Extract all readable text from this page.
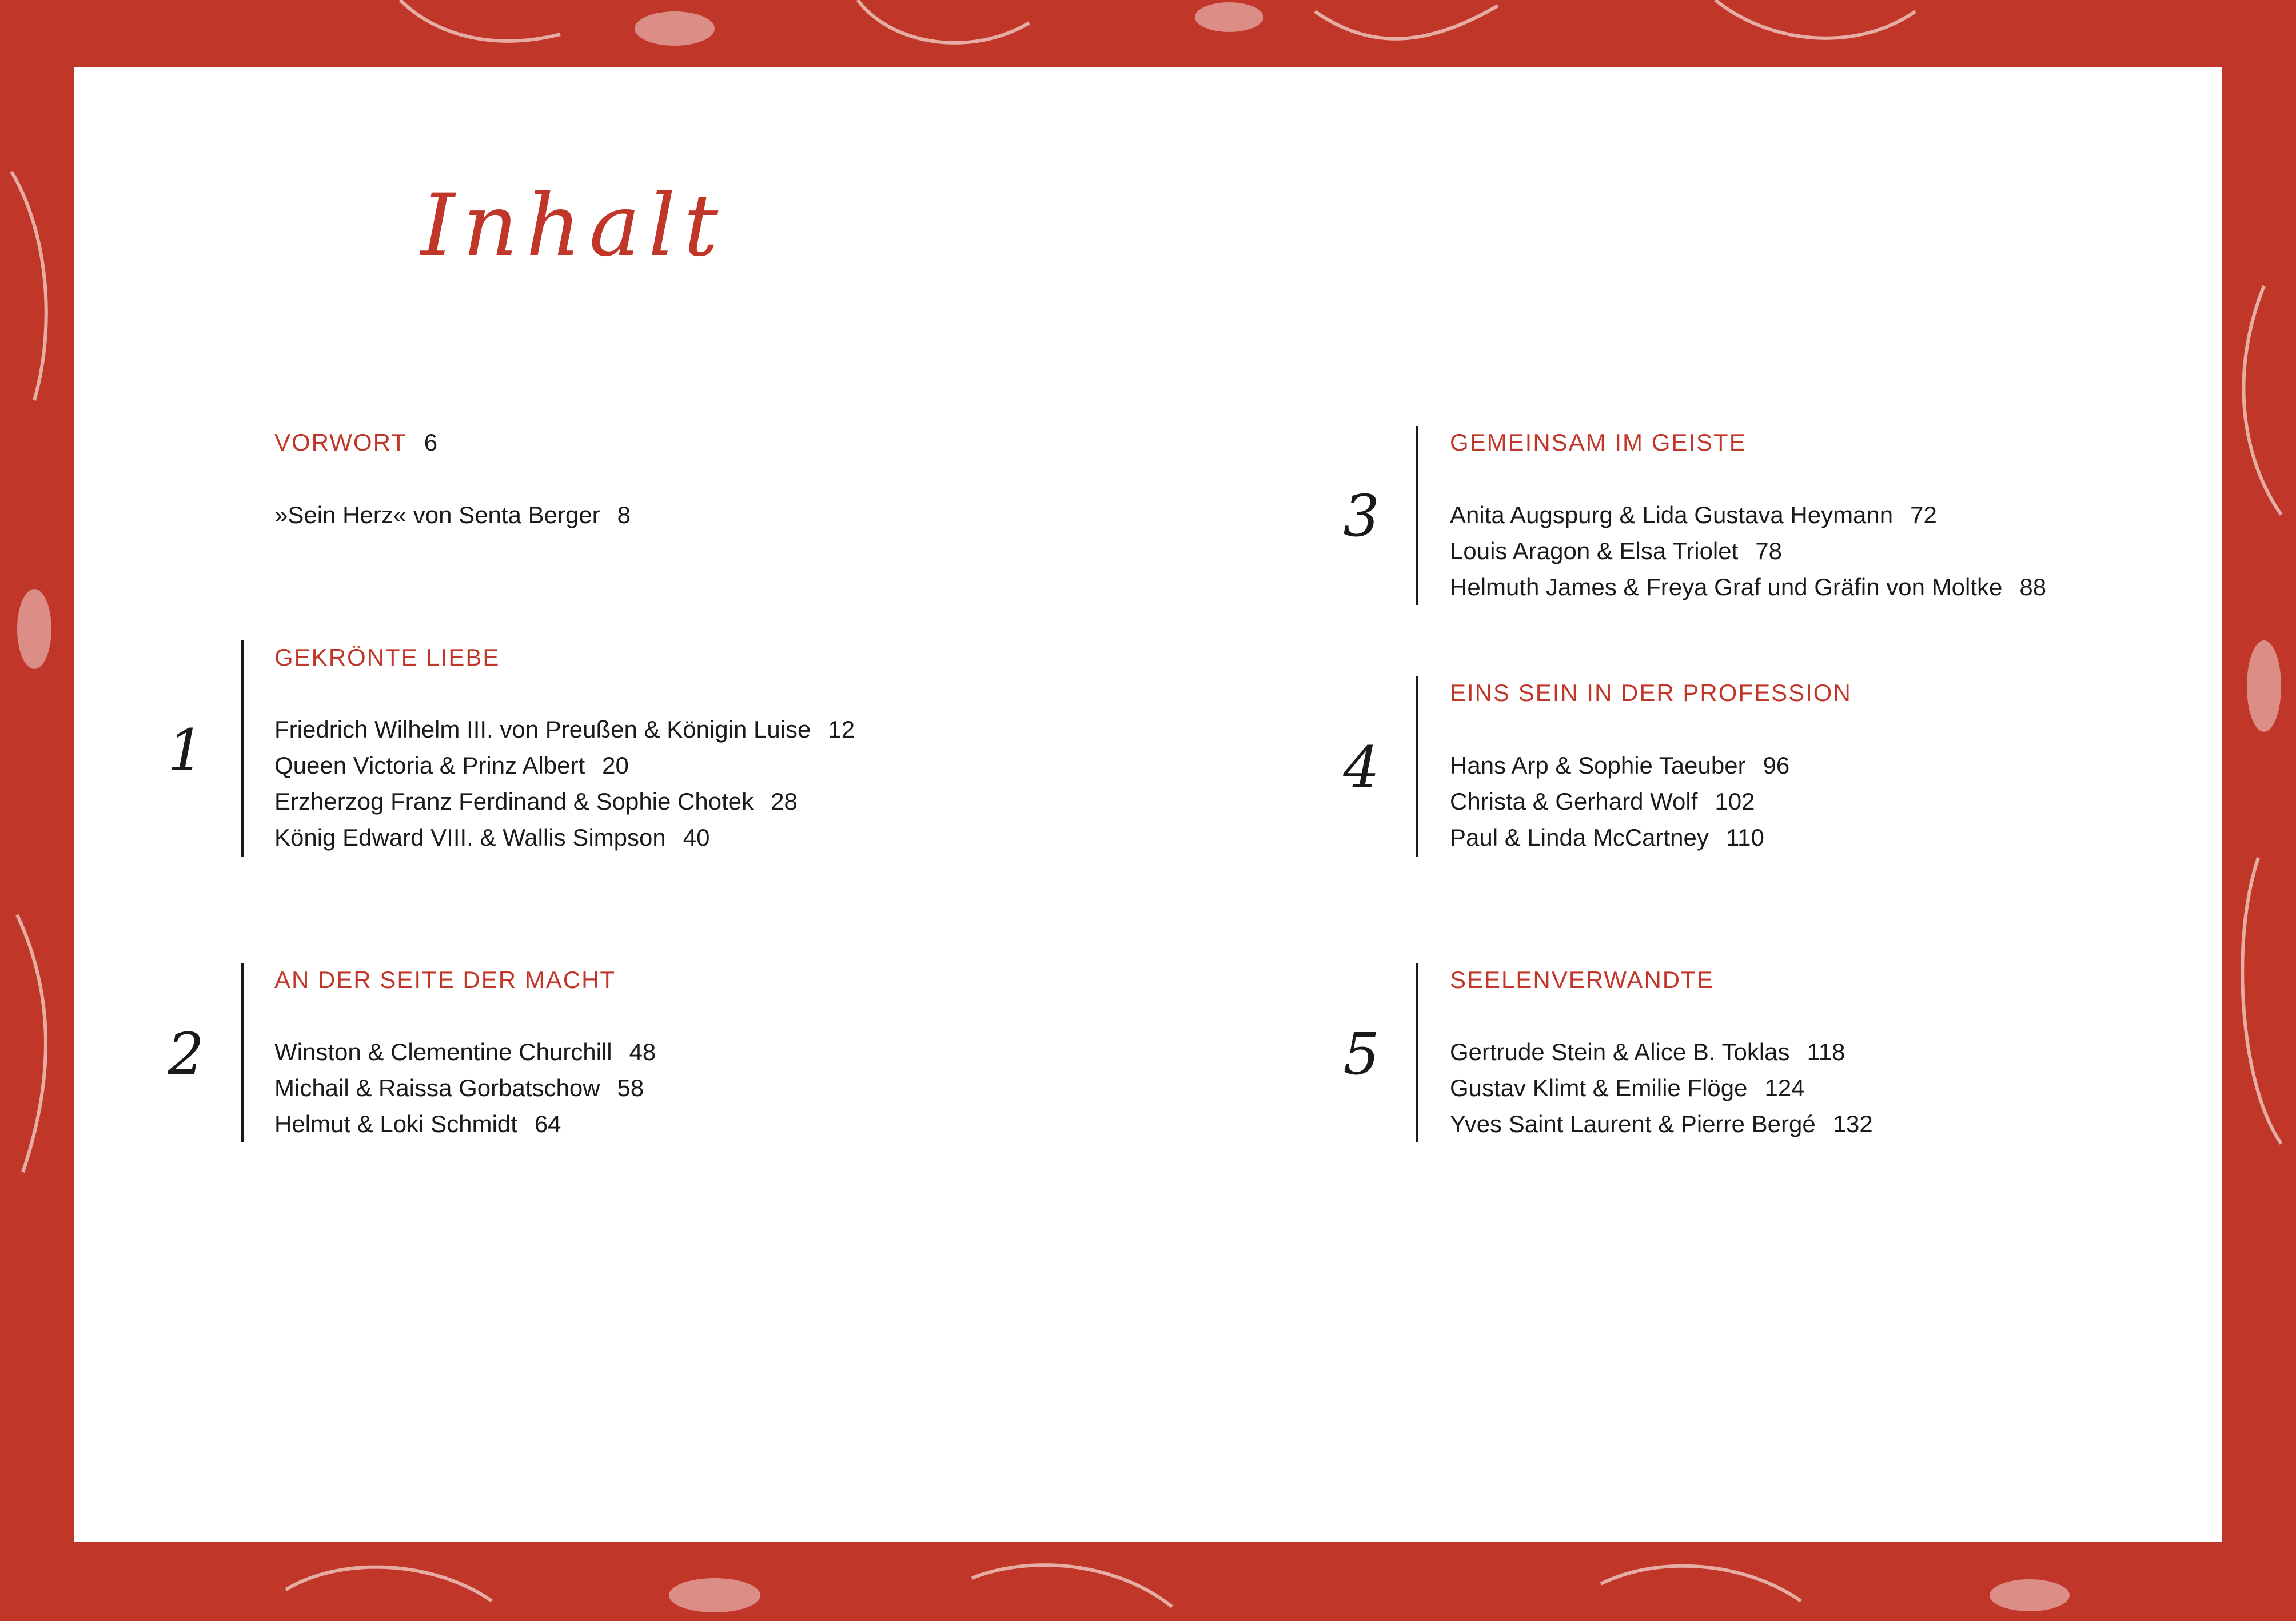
Inhalt
VORWORT 6
»Sein Herz« von Senta Berger 8
1
GEKRÖNTE LIEBE
Friedrich Wilhelm III. von Preußen & Königin Luise 12
Queen Victoria & Prinz Albert 20
Erzherzog Franz Ferdinand & Sophie Chotek 28
König Edward VIII. & Wallis Simpson 40
2
AN DER SEITE DER MACHT
Winston & Clementine Churchill 48
Michail & Raissa Gorbatschow 58
Helmut & Loki Schmidt 64
3
GEMEINSAM IM GEISTE
Anita Augspurg & Lida Gustava Heymann 72
Louis Aragon & Elsa Triolet 78
Helmuth James & Freya Graf und Gräfin von Moltke 88
4
EINS SEIN IN DER PROFESSION
Hans Arp & Sophie Taeuber 96
Christa & Gerhard Wolf 102
Paul & Linda McCartney 110
5
SEELENVERWANDTE
Gertrude Stein & Alice B. Toklas 118
Gustav Klimt & Emilie Flöge 124
Yves Saint Laurent & Pierre Bergé 132
